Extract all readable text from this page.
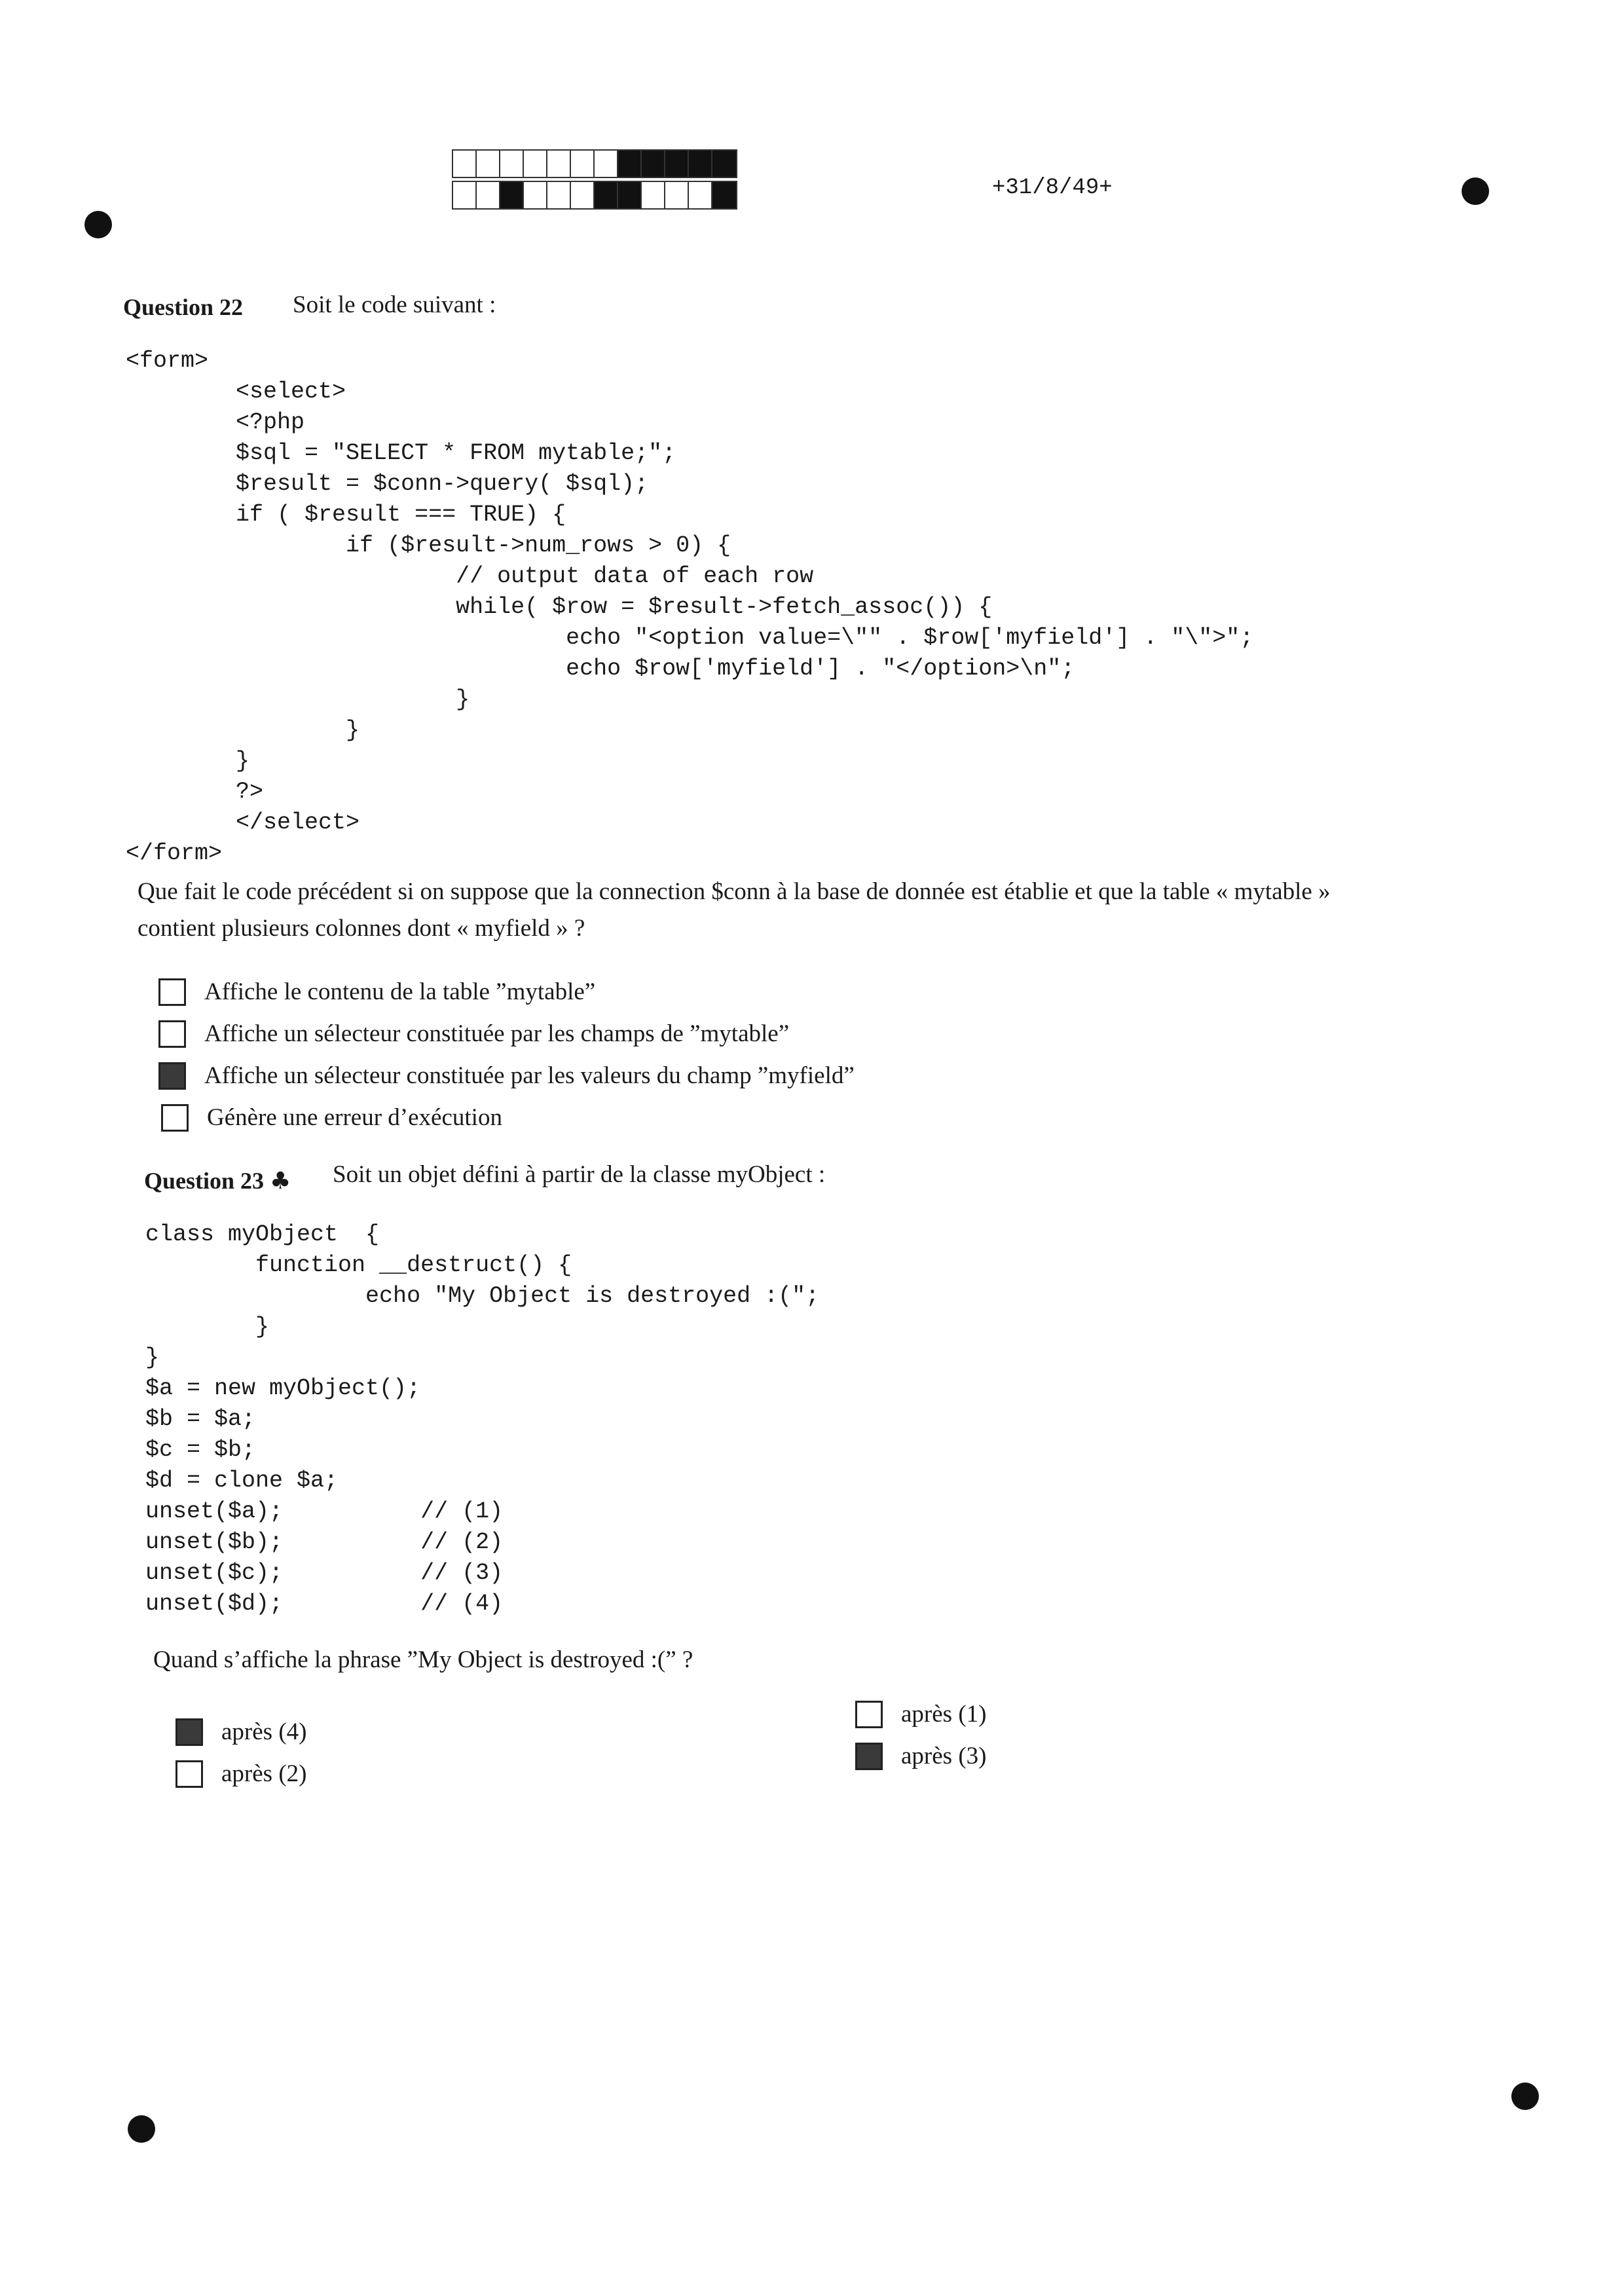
+31/8/49+
Question 22 Soit le code suivant :
<form>
<select>
<?php
$sql = "SELECT * FROM mytable;";
$result = $conn->query( $sql);
if ( $result === TRUE) {
if ($result->num_rows > 0) {
// output data of each row
while( $row = $result->fetch_assoc()) {
echo "<option value=\"" . $row['myfield'] . "\">";
echo $row['myfield'] . "</option>\n";
}
}
}
?>
</select>
</form>
Que fait le code précédent si on suppose que la connection $conn à la base de donnée est établie et que la table « mytable »
contient plusieurs colonnes dont « myfield » ?
Affiche le contenu de la table ”mytable”
Affiche un sélecteur constituée par les champs de ”mytable”
Affiche un sélecteur constituée par les valeurs du champ ”myfield”
Génère une erreur d’exécution
Question 23 ♣ Soit un objet défini à partir de la classe myObject :
class myObject  {
function __destruct() {
echo "My Object is destroyed :(";
}
}
$a = new myObject();
$b = $a;
$c = $b;
$d = clone $a;
unset($a);          // (1)
unset($b);          // (2)
unset($c);          // (3)
unset($d);          // (4)
Quand s’affiche la phrase ”My Object is destroyed :(” ?
après (4)
après (2)
après (1)
après (3)
